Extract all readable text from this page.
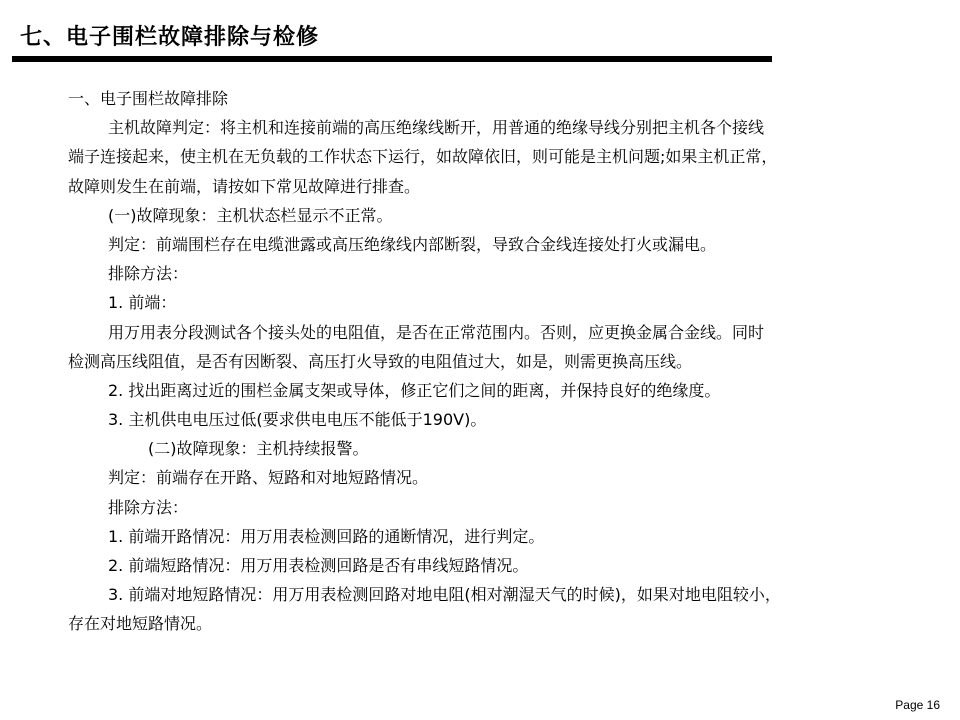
七、电子围栏故障排除与检修
一、电子围栏故障排除
主机故障判定：将主机和连接前端的高压绝缘线断开，用普通的绝缘导线分别把主机各个接线
端子连接起来，使主机在无负载的工作状态下运行，如故障依旧，则可能是主机问题;如果主机正常，
故障则发生在前端，请按如下常见故障进行排查。
(一)故障现象：主机状态栏显示不正常。
判定：前端围栏存在电缆泄露或高压绝缘线内部断裂，导致合金线连接处打火或漏电。
排除方法：
1. 前端：
用万用表分段测试各个接头处的电阻值，是否在正常范围内。否则，应更换金属合金线。同时
检测高压线阻值，是否有因断裂、高压打火导致的电阻值过大，如是，则需更换高压线。
2. 找出距离过近的围栏金属支架或导体，修正它们之间的距离，并保持良好的绝缘度。
3. 主机供电电压过低(要求供电电压不能低于190V)。
(二)故障现象：主机持续报警。
判定：前端存在开路、短路和对地短路情况。
排除方法：
1. 前端开路情况：用万用表检测回路的通断情况，进行判定。
2. 前端短路情况：用万用表检测回路是否有串线短路情况。
3. 前端对地短路情况：用万用表检测回路对地电阻(相对潮湿天气的时候)，如果对地电阻较小，
存在对地短路情况。
Page 16
